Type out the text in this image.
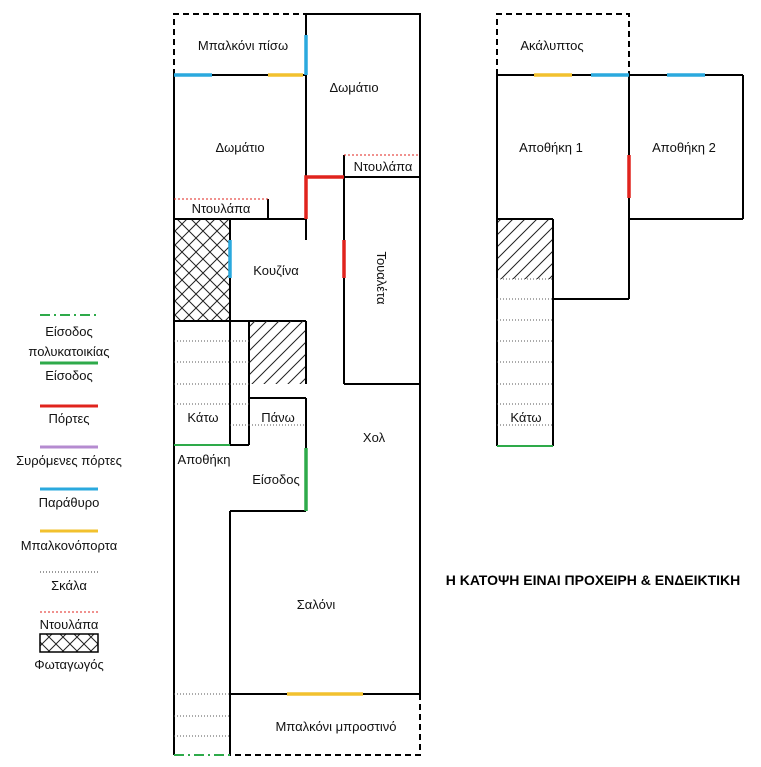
Είσοδος
πολυκατοικίας
Είσοδος
Πόρτες
Συρόμενες πόρτες
Παράθυρο
Μπαλκονόπορτα
Σκάλα
Ντουλάπα
Φωταγωγός
Μπαλκόνι πίσω
Δωμάτιο
Δωμάτιο
Ντουλάπα
Ντουλάπα
Κουζίνα	Τουαλέτα
Κάτω	Πάνω
Χολ
Αποθήκη
Είσοδος
Σαλόνι
Μπαλκόνι μπροστινό
Ακάλυπτος
Αποθήκη 1	Αποθήκη 2
Κάτω
Η ΚΑΤΟΨΗ ΕΙΝΑΙ ΠΡΟΧΕΙΡΗ & ΕΝΔΕΙΚΤΙΚΗ
